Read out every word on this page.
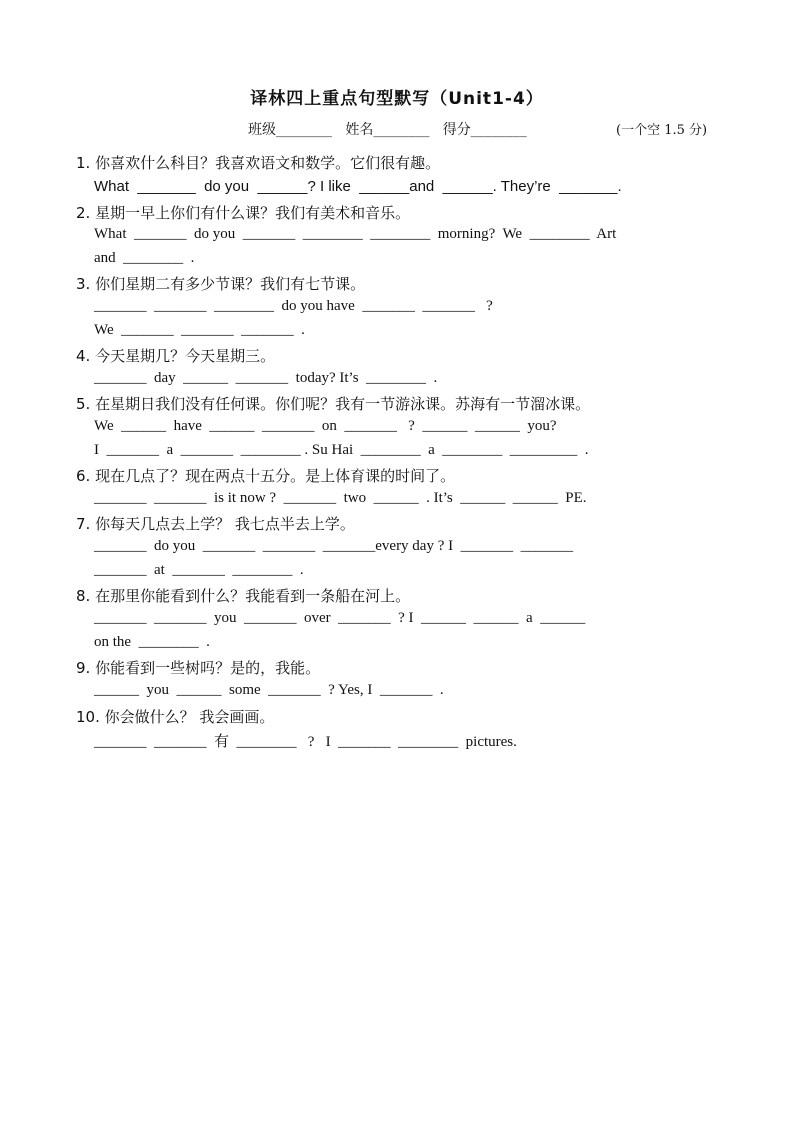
译林四上重点句型默写（Unit1-4）
班级________ 姓名________ 得分________	(一个空 1.5 分)
1. 你喜欢什么科目？我喜欢语文和数学。它们很有趣。
What  _______  do you  ______? I like  ______and  ______. They’re  _______.
2. 星期一早上你们有什么课？我们有美术和音乐。
What  _______  do you  _______  ________  ________  morning?  We  ________  Art
and  ________  .
3. 你们星期二有多少节课？我们有七节课。
_______  _______  ________  do you have  _______  _______   ?
We  _______  _______  _______  .
4. 今天星期几？今天星期三。
_______  day  ______  _______  today? It’s  ________  .
5. 在星期日我们没有任何课。你们呢？我有一节游泳课。苏海有一节溜冰课。
We  ______  have  ______  _______  on  _______   ?  ______  ______  you?
I  _______  a  _______  ________ . Su Hai  ________  a  ________  _________  .
6. 现在几点了？现在两点十五分。是上体育课的时间了。
_______  _______  is it now ?  _______  two  ______  . It’s  ______  ______  PE.
7. 你每天几点去上学？ 我七点半去上学。
_______  do you  _______  _______  _______every day ? I  _______  _______
_______  at  _______  ________  .
8. 在那里你能看到什么？我能看到一条船在河上。
_______  _______  you  _______  over  _______  ? I  ______  ______  a  ______
on the  ________  .
9. 你能看到一些树吗？是的，我能。
______  you  ______  some  _______  ? Yes, I  _______  .
10. 你会做什么？ 我会画画。
_______  _______  有  ________   ?   I  _______  ________  pictures.
